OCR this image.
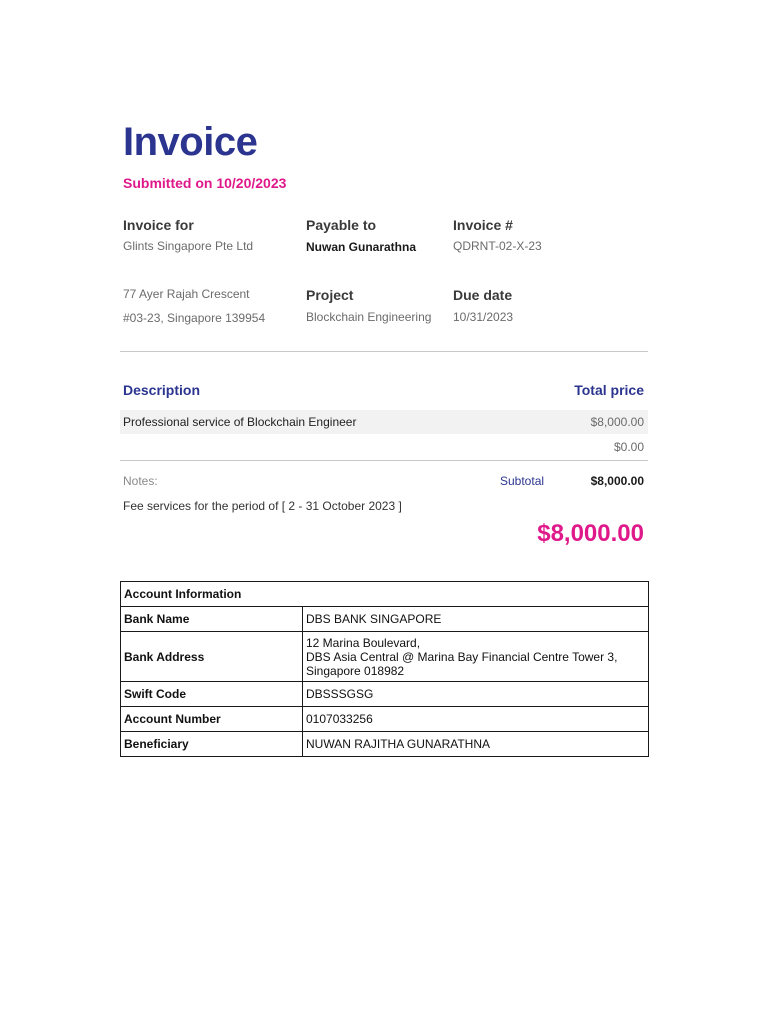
Invoice
Submitted on 10/20/2023
Invoice for
Glints Singapore Pte Ltd
77 Ayer Rajah Crescent
#03-23, Singapore 139954
Payable to
Nuwan Gunarathna
Project
Blockchain Engineering
Invoice #
QDRNT-02-X-23
Due date
10/31/2023
Description	Total price
Professional service of Blockchain Engineer	$8,000.00
$0.00
Notes:	Subtotal	$8,000.00
Fee services for the period of [ 2 - 31 October 2023 ]
$8,000.00
Account Information	
Bank Name	DBS BANK SINGAPORE
Bank Address	12 Marina Boulevard,
DBS Asia Central @ Marina Bay Financial Centre Tower 3,
Singapore 018982
Swift Code	DBSSSGSG
Account Number	0107033256
Beneficiary	NUWAN RAJITHA GUNARATHNA
